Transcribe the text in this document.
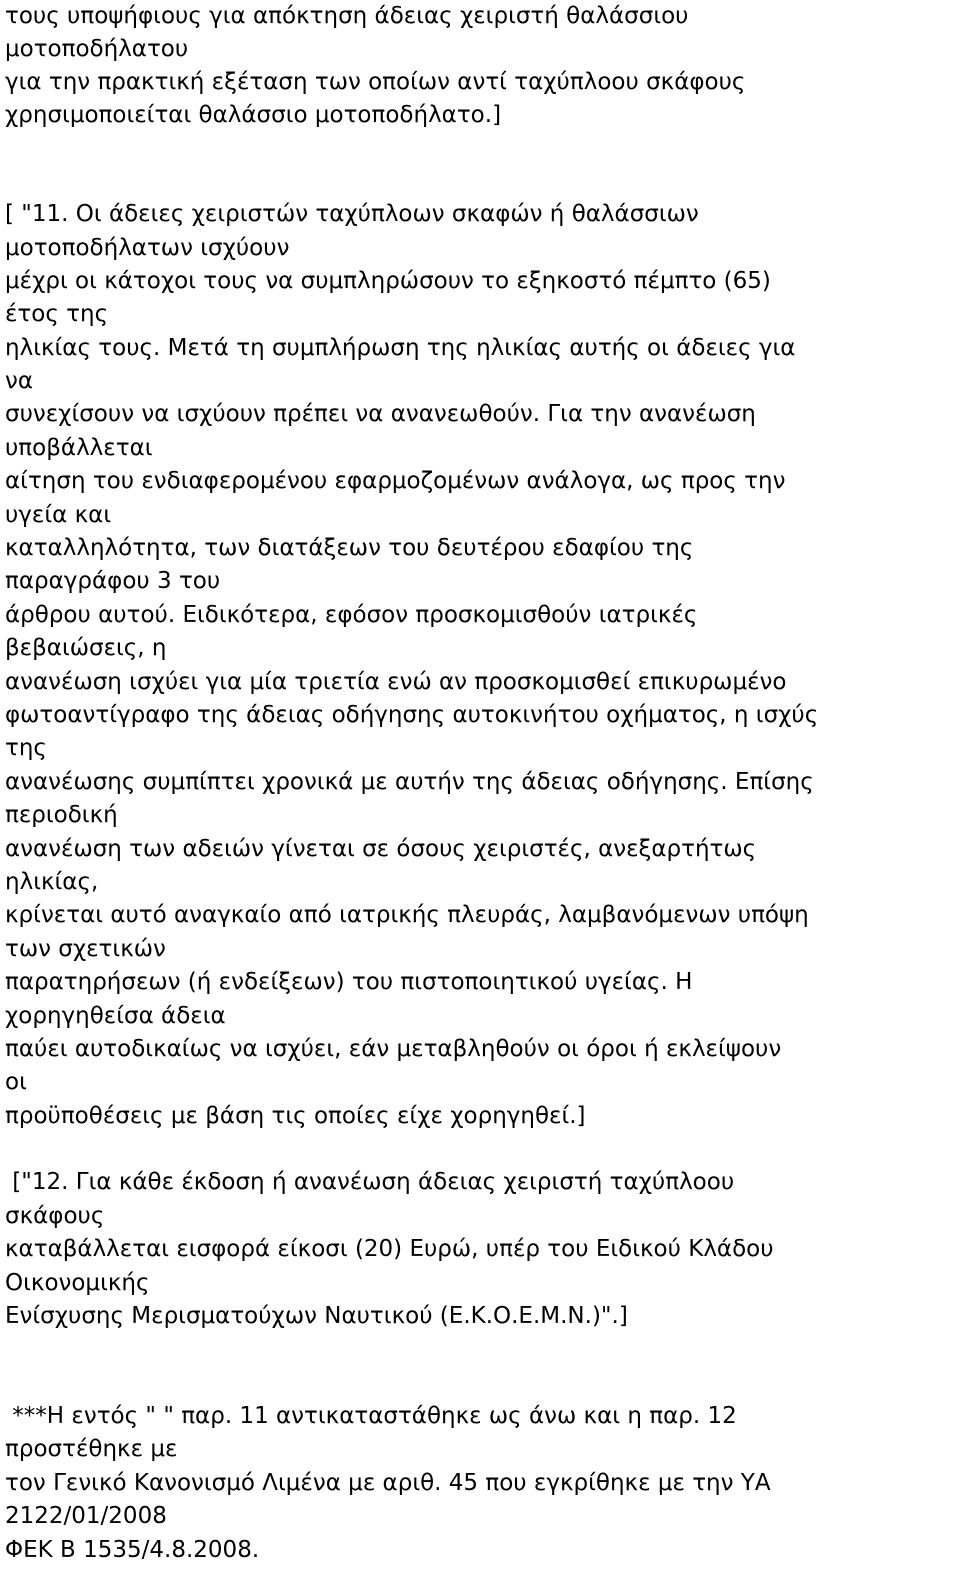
τους υποψήφιους για απόκτηση άδειας χειριστή θαλάσσιου
μοτοποδήλατου
για την πρακτική εξέταση των οποίων αντί ταχύπλοου σκάφους
χρησιμοποιείται θαλάσσιο μοτοποδήλατο.]
[ "11. Οι άδειες χειριστών ταχύπλοων σκαφών ή θαλάσσιων
μοτοποδήλατων ισχύουν
μέχρι οι κάτοχοι τους να συμπληρώσουν το εξηκοστό πέμπτο (65)
έτος της
ηλικίας τους. Μετά τη συμπλήρωση της ηλικίας αυτής οι άδειες για
να
συνεχίσουν να ισχύουν πρέπει να ανανεωθούν. Για την ανανέωση
υποβάλλεται
αίτηση του ενδιαφερομένου εφαρμοζομένων ανάλογα, ως προς την
υγεία και
καταλληλότητα, των διατάξεων του δευτέρου εδαφίου της
παραγράφου 3 του
άρθρου αυτού. Ειδικότερα, εφόσον προσκομισθούν ιατρικές
βεβαιώσεις, η
ανανέωση ισχύει για μία τριετία ενώ αν προσκομισθεί επικυρωμένο
φωτοαντίγραφο της άδειας οδήγησης αυτοκινήτου οχήματος, η ισχύς
της
ανανέωσης συμπίπτει χρονικά με αυτήν της άδειας οδήγησης. Επίσης
περιοδική
ανανέωση των αδειών γίνεται σε όσους χειριστές, ανεξαρτήτως
ηλικίας,
κρίνεται αυτό αναγκαίο από ιατρικής πλευράς, λαμβανόμενων υπόψη
των σχετικών
παρατηρήσεων (ή ενδείξεων) του πιστοποιητικού υγείας. Η
χορηγηθείσα άδεια
παύει αυτοδικαίως να ισχύει, εάν μεταβληθούν οι όροι ή εκλείψουν
οι
προϋποθέσεις με βάση τις οποίες είχε χορηγηθεί.]
["12. Για κάθε έκδοση ή ανανέωση άδειας χειριστή ταχύπλοου
σκάφους
καταβάλλεται εισφορά είκοσι (20) Ευρώ, υπέρ του Ειδικού Κλάδου
Οικονομικής
Ενίσχυσης Μερισματούχων Ναυτικού (Ε.Κ.Ο.Ε.Μ.Ν.)".]
***Η εντός " " παρ. 11 αντικαταστάθηκε ως άνω και η παρ. 12
προστέθηκε με
τον Γενικό Κανονισμό Λιμένα με αριθ. 45 που εγκρίθηκε με την ΥΑ
2122/01/2008
ΦΕΚ Β 1535/4.8.2008.
